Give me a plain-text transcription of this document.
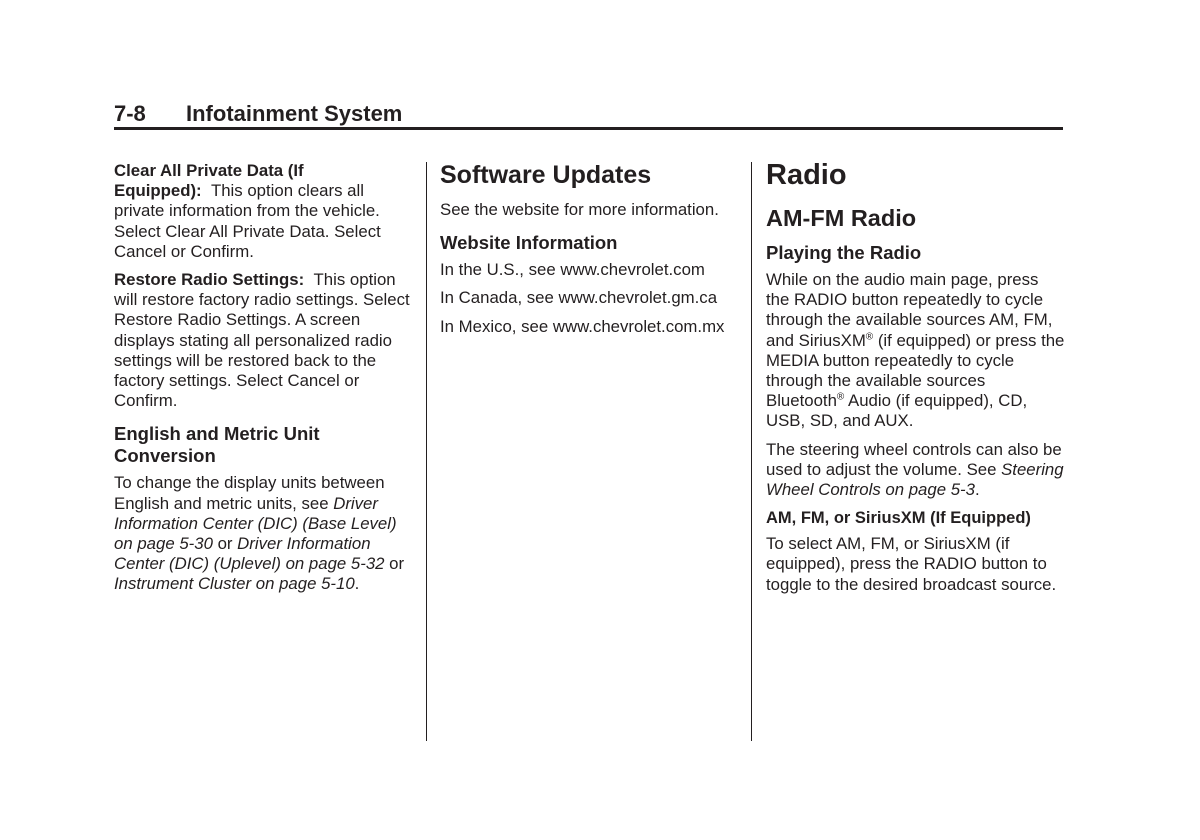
7-8	Infotainment System

Clear All Private Data (If Equipped): This option clears all private information from the vehicle. Select Clear All Private Data. Select Cancel or Confirm.

Restore Radio Settings: This option will restore factory radio settings. Select Restore Radio Settings. A screen displays stating all personalized radio settings will be restored back to the factory settings. Select Cancel or Confirm.

English and Metric Unit Conversion

To change the display units between English and metric units, see Driver Information Center (DIC) (Base Level) on page 5-30 or Driver Information Center (DIC) (Uplevel) on page 5-32 or Instrument Cluster on page 5-10.

Software Updates

See the website for more information.

Website Information

In the U.S., see www.chevrolet.com

In Canada, see www.chevrolet.gm.ca

In Mexico, see www.chevrolet.com.mx

Radio
AM-FM Radio
Playing the Radio

While on the audio main page, press the RADIO button repeatedly to cycle through the available sources AM, FM, and SiriusXM® (if equipped) or press the MEDIA button repeatedly to cycle through the available sources Bluetooth® Audio (if equipped), CD, USB, SD, and AUX.

The steering wheel controls can also be used to adjust the volume. See Steering Wheel Controls on page 5-3.

AM, FM, or SiriusXM (If Equipped)

To select AM, FM, or SiriusXM (if equipped), press the RADIO button to toggle to the desired broadcast source.
